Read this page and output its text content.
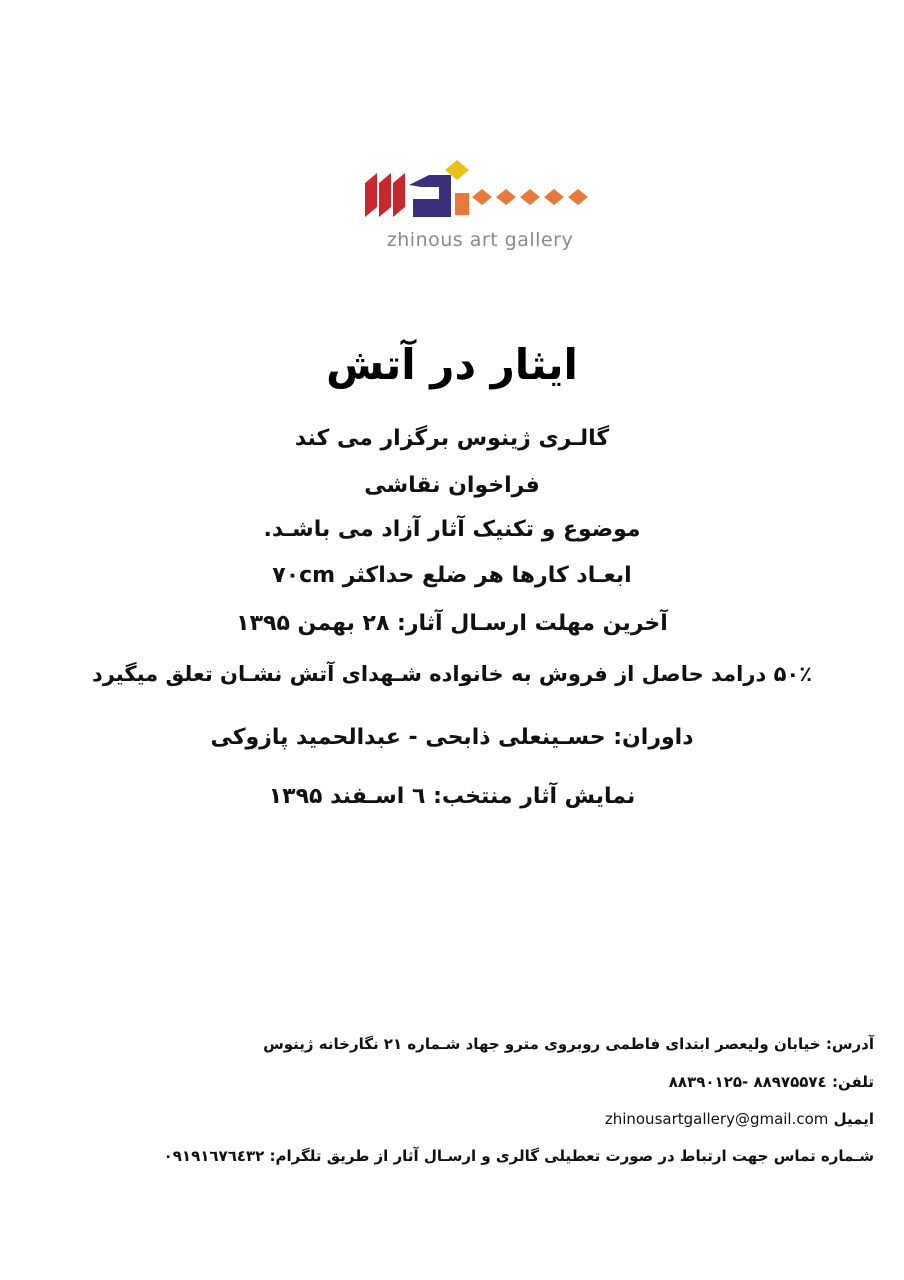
zhinous art gallery
ایثار در آتش
گالـری ژینوس برگزار می کند
فراخوان نقاشی
موضوع و تکنیک آثار آزاد می باشـد.
ابعـاد کارها هر ضلع حداکثر ۷۰cm
آخرین مهلت ارسـال آثار: ۲۸ بهمن ۱۳۹۵
۵۰٪ درامد حاصل از فروش به خانواده شـهدای آتش نشـان تعلق میگیرد
داوران: حسـینعلی ذابحی - عبدالحمید پازوکی
نمایش آثار منتخب: ٦ اسـفند ۱۳۹۵
آدرس: خیابان ولیعصر ابتدای فاطمی روبروی مترو جهاد شـماره ۲۱ نگارخانه ژینوس
تلفن: ۸۸۹۷۵۵۷٤ -۸۸۳۹۰۱۲۵
ایمیل zhinousartgallery@gmail.com
شـماره تماس جهت ارتباط در صورت تعطیلی گالری و ارسـال آثار از طریق تلگرام: ۰۹۱۹۱٦۷٦٤۳۲
